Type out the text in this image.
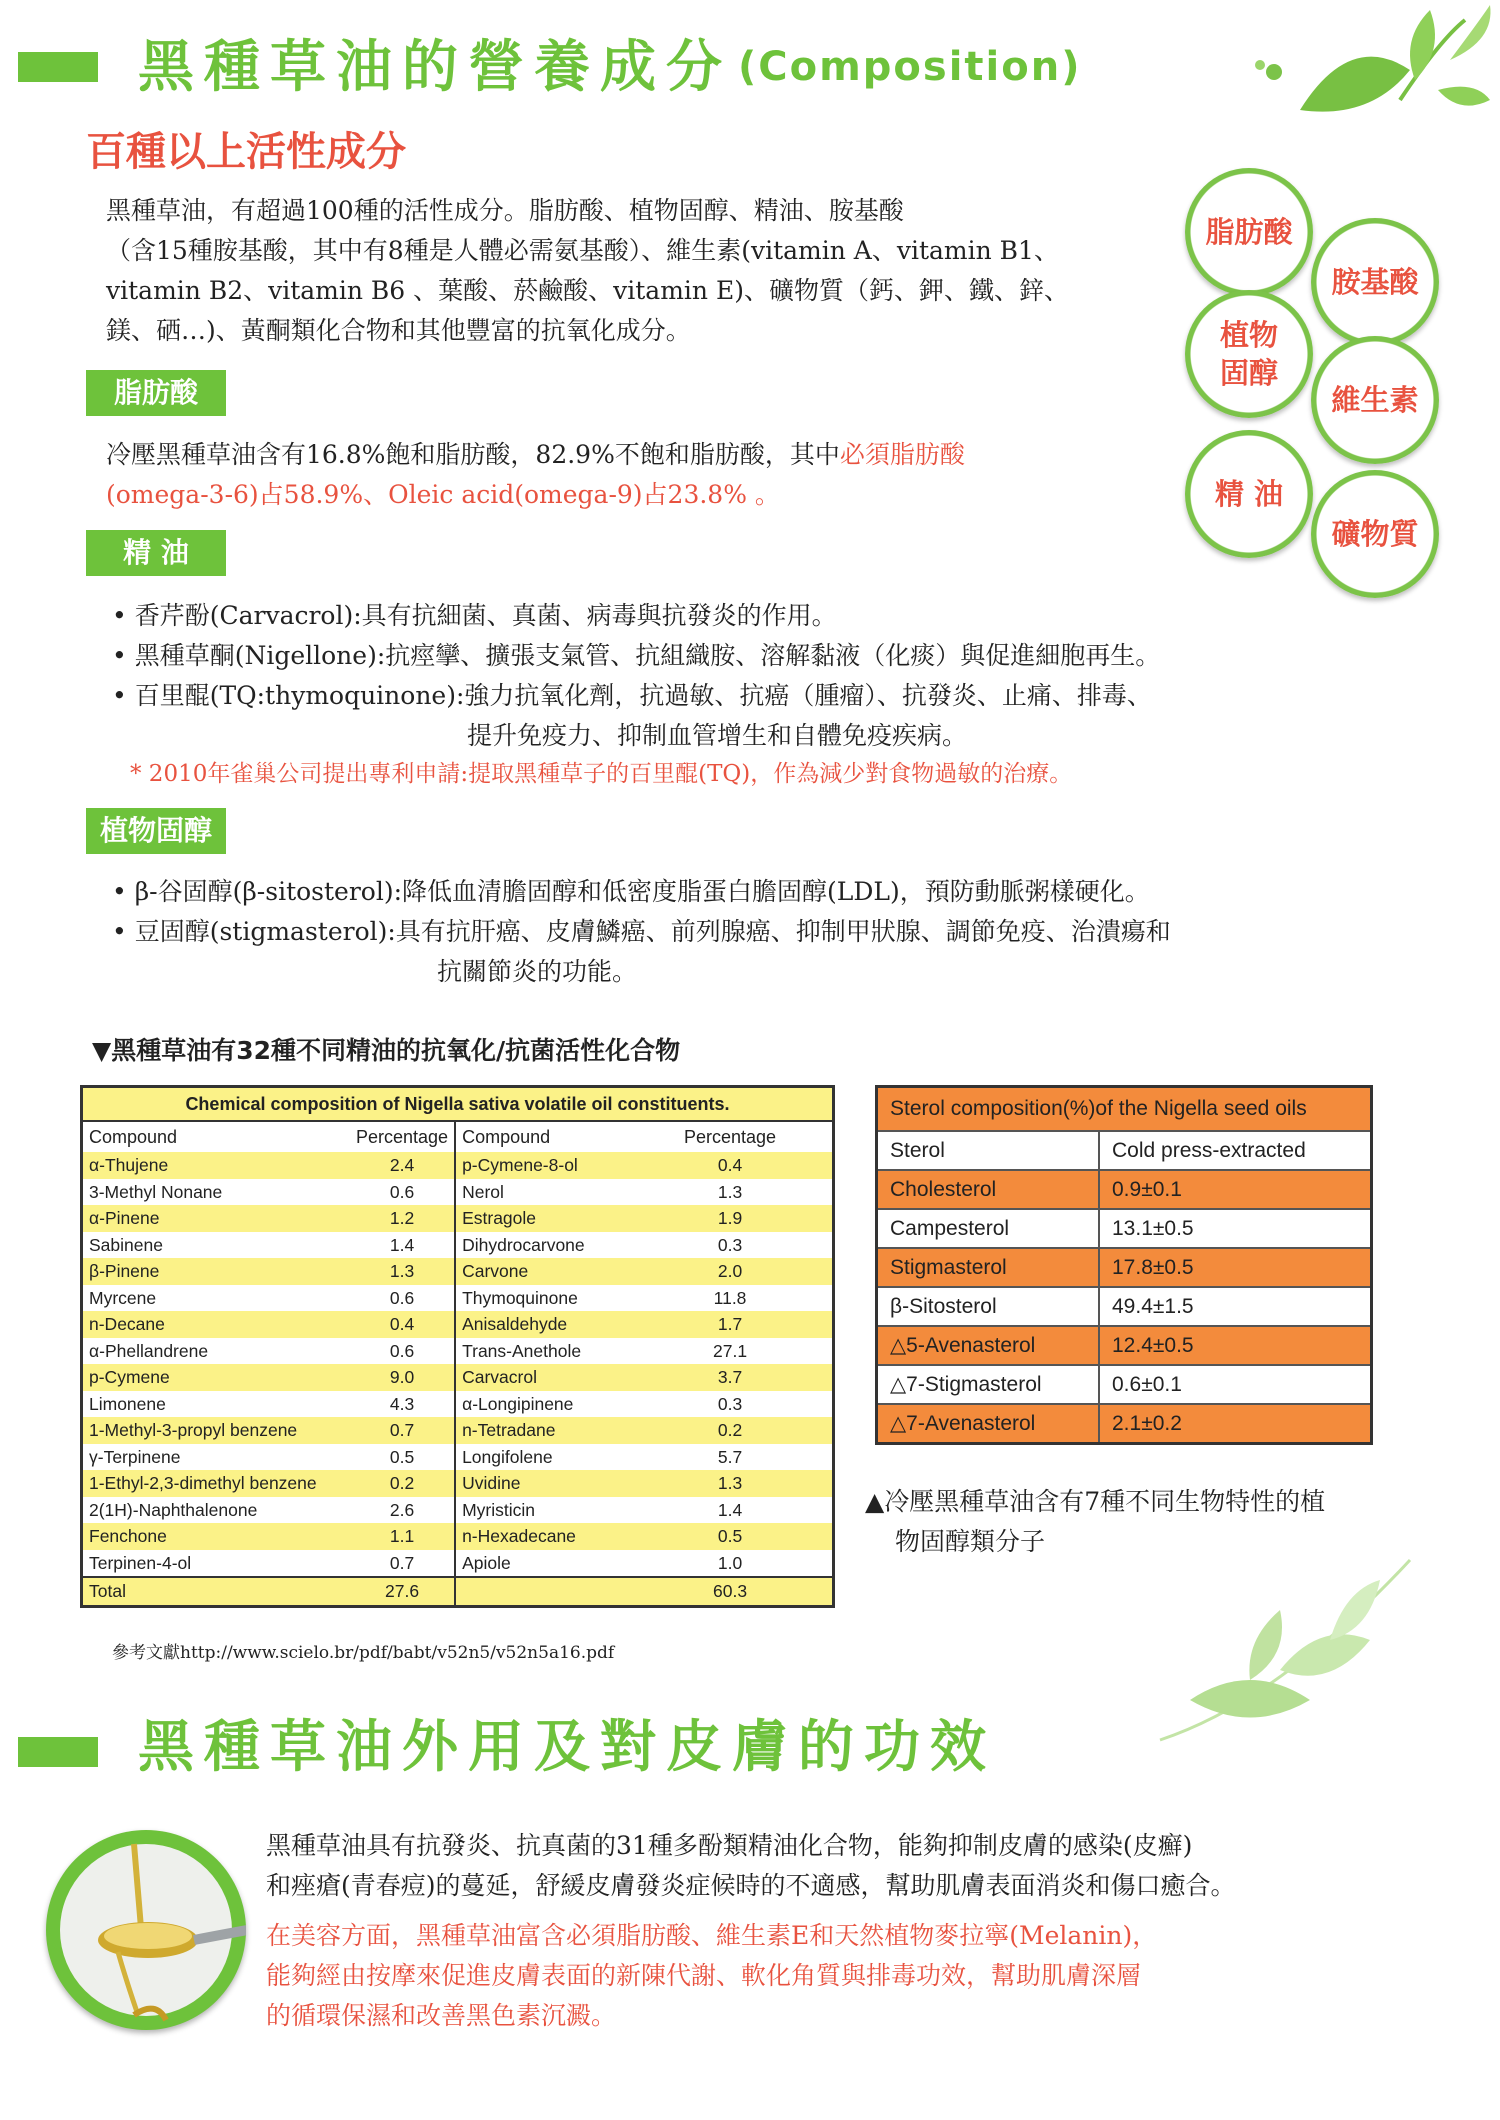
黑種草油的營養成分 (Composition)
百種以上活性成分
黑種草油，有超過100種的活性成分。脂肪酸、植物固醇、精油、胺基酸
（含15種胺基酸，其中有8種是人體必需氨基酸）、維生素(vitamin A、vitamin B1、
vitamin B2、vitamin B6 、葉酸、菸鹼酸、vitamin E)、礦物質（鈣、鉀、鐵、鋅、
鎂、硒…)、黃酮類化合物和其他豐富的抗氧化成分。
脂肪酸
胺基酸
植物固醇
維生素
精 油
礦物質
脂肪酸
冷壓黑種草油含有16.8%飽和脂肪酸，82.9%不飽和脂肪酸，其中必須脂肪酸
(omega-3-6)占58.9%、Oleic acid(omega-9)占23.8% 。
精 油
• 香芹酚(Carvacrol):具有抗細菌、真菌、病毒與抗發炎的作用。
• 黑種草酮(Nigellone):抗痙攣、擴張支氣管、抗組織胺、溶解黏液（化痰）與促進細胞再生。
• 百里醌(TQ:thymoquinone):強力抗氧化劑，抗過敏、抗癌（腫瘤）、抗發炎、止痛、排毒、
提升免疫力、抑制血管增生和自體免疫疾病。
* 2010年雀巢公司提出專利申請:提取黑種草子的百里醌(TQ)，作為減少對食物過敏的治療。
植物固醇
• β-谷固醇(β-sitosterol):降低血清膽固醇和低密度脂蛋白膽固醇(LDL)，預防動脈粥樣硬化。
• 豆固醇(stigmasterol):具有抗肝癌、皮膚鱗癌、前列腺癌、抑制甲狀腺、調節免疫、治潰瘍和
抗關節炎的功能。
▼黑種草油有32種不同精油的抗氧化/抗菌活性化合物
Chemical composition of Nigella sativa volatile oil constituents.			
Compound	Percentage	Compound	Percentage
α-Thujene	2.4	p-Cymene-8-ol	0.4
3-Methyl Nonane	0.6	Nerol	1.3
α-Pinene	1.2	Estragole	1.9
Sabinene	1.4	Dihydrocarvone	0.3
β-Pinene	1.3	Carvone	2.0
Myrcene	0.6	Thymoquinone	11.8
n-Decane	0.4	Anisaldehyde	1.7
α-Phellandrene	0.6	Trans-Anethole	27.1
p-Cymene	9.0	Carvacrol	3.7
Limonene	4.3	α-Longipinene	0.3
1-Methyl-3-propyl benzene	0.7	n-Tetradane	0.2
γ-Terpinene	0.5	Longifolene	5.7
1-Ethyl-2,3-dimethyl benzene	0.2	Uvidine	1.3
2(1H)-Naphthalenone	2.6	Myristicin	1.4
Fenchone	1.1	n-Hexadecane	0.5
Terpinen-4-ol	0.7	Apiole	1.0
Total	27.6		60.3
Sterol composition(%)of the Nigella seed oils	
Sterol	Cold press-extracted
Cholesterol	0.9±0.1
Campesterol	13.1±0.5
Stigmasterol	17.8±0.5
β-Sitosterol	49.4±1.5
△5-Avenasterol	12.4±0.5
△7-Stigmasterol	0.6±0.1
△7-Avenasterol	2.1±0.2
▲冷壓黑種草油含有7種不同生物特性的植
物固醇類分子
參考文獻http://www.scielo.br/pdf/babt/v52n5/v52n5a16.pdf
黑種草油外用及對皮膚的功效
黑種草油具有抗發炎、抗真菌的31種多酚類精油化合物，能夠抑制皮膚的感染(皮癬)
和痤瘡(青春痘)的蔓延，舒緩皮膚發炎症候時的不適感，幫助肌膚表面消炎和傷口癒合。
在美容方面，黑種草油富含必須脂肪酸、維生素E和天然植物麥拉寧(Melanin)，
能夠經由按摩來促進皮膚表面的新陳代謝、軟化角質與排毒功效，幫助肌膚深層
的循環保濕和改善黑色素沉澱。
